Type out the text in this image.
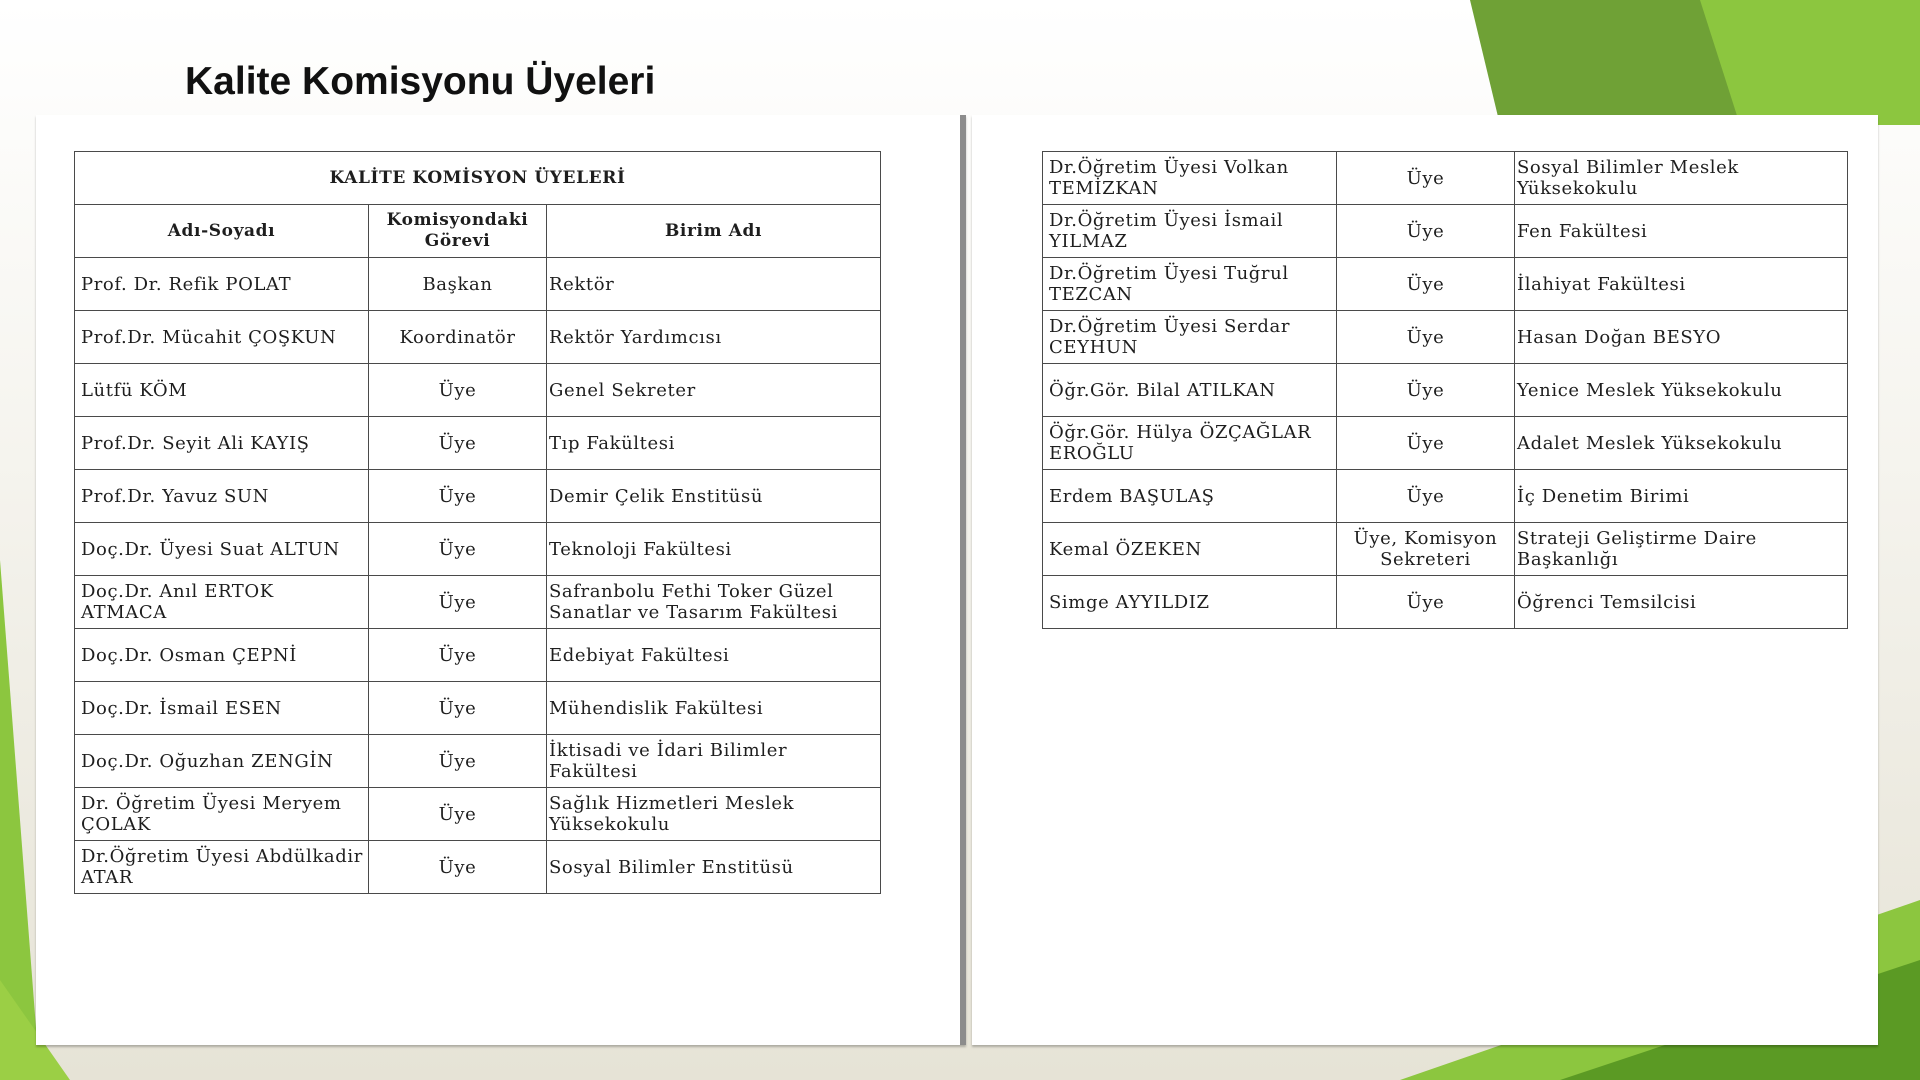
Kalite Komisyonu Üyeleri
KALİTE KOMİSYON ÜYELERİ		
Adı-Soyadı	Komisyondaki Görevi	Birim Adı
Prof. Dr. Refik POLAT	Başkan	Rektör
Prof.Dr. Mücahit ÇOŞKUN	Koordinatör	Rektör Yardımcısı
Lütfü KÖM	Üye	Genel Sekreter
Prof.Dr. Seyit Ali KAYIŞ	Üye	Tıp Fakültesi
Prof.Dr. Yavuz SUN	Üye	Demir Çelik Enstitüsü
Doç.Dr. Üyesi Suat ALTUN	Üye	Teknoloji Fakültesi
Doç.Dr. Anıl ERTOK ATMACA	Üye	Safranbolu Fethi Toker Güzel Sanatlar ve Tasarım Fakültesi
Doç.Dr. Osman ÇEPNİ	Üye	Edebiyat Fakültesi
Doç.Dr. İsmail ESEN	Üye	Mühendislik Fakültesi
Doç.Dr. Oğuzhan ZENGİN	Üye	İktisadi ve İdari Bilimler Fakültesi
Dr. Öğretim Üyesi Meryem ÇOLAK	Üye	Sağlık Hizmetleri Meslek Yüksekokulu
Dr.Öğretim Üyesi Abdülkadir ATAR	Üye	Sosyal Bilimler Enstitüsü
Dr.Öğretim Üyesi Volkan TEMİZKAN	Üye	Sosyal Bilimler Meslek Yüksekokulu
Dr.Öğretim Üyesi İsmail YILMAZ	Üye	Fen Fakültesi
Dr.Öğretim Üyesi Tuğrul TEZCAN	Üye	İlahiyat Fakültesi
Dr.Öğretim Üyesi Serdar CEYHUN	Üye	Hasan Doğan BESYO
Öğr.Gör. Bilal ATILKAN	Üye	Yenice Meslek Yüksekokulu
Öğr.Gör. Hülya ÖZÇAĞLAR EROĞLU	Üye	Adalet Meslek Yüksekokulu
Erdem BAŞULAŞ	Üye	İç Denetim Birimi
Kemal ÖZEKEN	Üye, Komisyon Sekreteri	Strateji Geliştirme Daire Başkanlığı
Simge AYYILDIZ	Üye	Öğrenci Temsilcisi
